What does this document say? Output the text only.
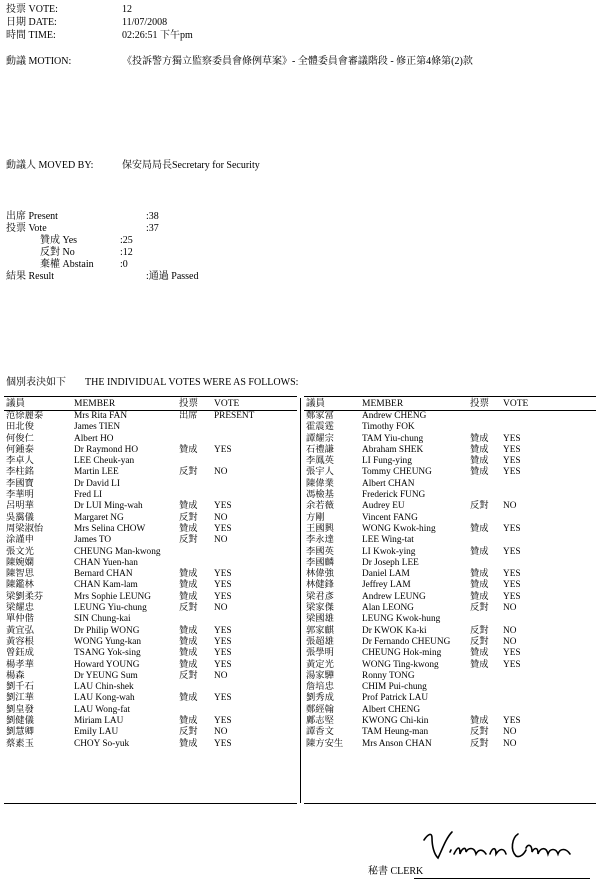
投票 VOTE:	12
日期 DATE:	11/07/2008
時間 TIME:	02:26:51 下午pm
動議 MOTION:	《投訴警方獨立監察委員會條例草案》- 全體委員會審議階段 - 修正第4條第(2)款
動議人 MOVED BY:	保安局局長Secretary for Security
出席 Present	:38
投票 Vote	:37
贊成 Yes	:25
反對 No	:12
棄權 Abstain	:0
結果 Result	:通過 Passed
個別表決如下 THE INDIVIDUAL VOTES WERE AS FOLLOWS:
議員	MEMBER	投票	VOTE
范徐麗泰	Mrs Rita FAN	出席	PRESENT
田北俊	James TIEN
何俊仁	Albert HO
何鍾泰	Dr Raymond HO	贊成	YES
李卓人	LEE Cheuk-yan
李柱銘	Martin LEE	反對	NO
李國寶	Dr David LI
李華明	Fred LI
呂明華	Dr LUI Ming-wah	贊成	YES
吳靄儀	Margaret NG	反對	NO
周梁淑怡	Mrs Selina CHOW	贊成	YES
涂謹申	James TO	反對	NO
張文光	CHEUNG Man-kwong
陳婉嫻	CHAN Yuen-han
陳智思	Bernard CHAN	贊成	YES
陳鑑林	CHAN Kam-lam	贊成	YES
梁劉柔芬	Mrs Sophie LEUNG	贊成	YES
梁耀忠	LEUNG Yiu-chung	反對	NO
單仲偕	SIN Chung-kai
黃宜弘	Dr Philip WONG	贊成	YES
黃容根	WONG Yung-kan	贊成	YES
曾鈺成	TSANG Yok-sing	贊成	YES
楊孝華	Howard YOUNG	贊成	YES
楊森	Dr YEUNG Sum	反對	NO
劉千石	LAU Chin-shek
劉江華	LAU Kong-wah	贊成	YES
劉皇發	LAU Wong-fat
劉健儀	Miriam LAU	贊成	YES
劉慧卿	Emily LAU	反對	NO
蔡素玉	CHOY So-yuk	贊成	YES
議員	MEMBER	投票	VOTE
鄭家富	Andrew CHENG
霍震霆	Timothy FOK
譚耀宗	TAM Yiu-chung	贊成	YES
石禮謙	Abraham SHEK	贊成	YES
李鳳英	LI Fung-ying	贊成	YES
張宇人	Tommy CHEUNG	贊成	YES
陳偉業	Albert CHAN
馮檢基	Frederick FUNG
余若薇	Audrey EU	反對	NO
方剛	Vincent FANG
王國興	WONG Kwok-hing	贊成	YES
李永達	LEE Wing-tat
李國英	LI Kwok-ying	贊成	YES
李國麟	Dr Joseph LEE
林偉強	Daniel LAM	贊成	YES
林健鋒	Jeffrey LAM	贊成	YES
梁君彥	Andrew LEUNG	贊成	YES
梁家傑	Alan LEONG	反對	NO
梁國雄	LEUNG Kwok-hung
郭家麒	Dr KWOK Ka-ki	反對	NO
張超雄	Dr Fernando CHEUNG	反對	NO
張學明	CHEUNG Hok-ming	贊成	YES
黃定光	WONG Ting-kwong	贊成	YES
湯家驊	Ronny TONG
詹培忠	CHIM Pui-chung
劉秀成	Prof Patrick LAU
鄭經翰	Albert CHENG
鄺志堅	KWONG Chi-kin	贊成	YES
譚香文	TAM Heung-man	反對	NO
陳方安生	Mrs Anson CHAN	反對	NO
秘書 CLERK
